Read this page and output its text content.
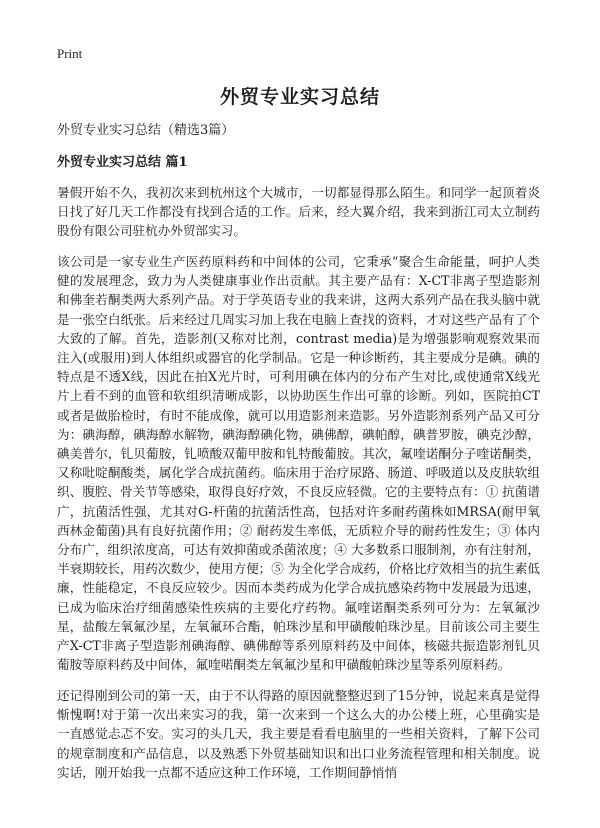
Print
外贸专业实习总结
外贸专业实习总结（精选3篇）
外贸专业实习总结 篇1

暑假开始不久，我初次来到杭州这个大城市，一切都显得那么陌生。和同学一起顶着炎日找了好几天工作都没有找到合适的工作。后来，经大翼介绍，我来到浙江司太立制药股份有限公司驻杭办外贸部实习。

该公司是一家专业生产医药原料药和中间体的公司，它秉承“聚合生命能量，呵护人类健的发展理念，致力为人类健康事业作出贡献。其主要产品有：X-CT非离子型造影剂和佛奎若酮类两大系列产品。对于学英语专业的我来讲，这两大系列产品在我头脑中就是一张空白纸张。后来经过几周实习加上我在电脑上查找的资料，才对这些产品有了个大致的了解。首先，造影剂(又称对比剂，contrast media)是为增强影响观察效果而注入(或服用)到人体组织或器官的化学制品。它是一种诊断药，其主要成分是碘。碘的特点是不透X线，因此在拍X光片时，可利用碘在体内的分布产生对比,或使通常X线光片上看不到的血管和软组织清晰成影，以协助医生作出可靠的诊断。列如，医院拍CT或者是做胎检时，有时不能成像，就可以用造影剂来造影。另外造影剂系列产品又可分为：碘海醇，碘海醇水解物，碘海醇碘化物，碘佛醇，碘帕醇，碘普罗胺，碘克沙醇，碘美普尔，钆贝葡胺，钆喷酸双葡甲胺和钆特酸葡胺。其次，氟喹诺酮分子喹诺酮类，又称吡啶酮酸类，属化学合成抗菌药。临床用于治疗尿路、肠道、呼吸道以及皮肤软组织、腹腔、骨关节等感染，取得良好疗效，不良反应轻微。它的主要特点有：① 抗菌谱广，抗菌活性强，尤其对G-杆菌的抗菌活性高，包括对许多耐药菌株如MRSA(耐甲氧西林金葡菌)具有良好抗菌作用；② 耐药发生率低，无质粒介导的耐药性发生；③ 体内分布广，组织浓度高，可达有效抑菌或杀菌浓度；④ 大多数系口服制剂，亦有注射剂，半衰期较长，用药次数少，使用方便；⑤ 为全化学合成药，价格比疗效相当的抗生素低廉，性能稳定，不良反应较少。因而本类药成为化学合成抗感染药物中发展最为迅速，已成为临床治疗细菌感染性疾病的主要化疗药物。氟喹诺酮类系列可分为：左氧氟沙星，盐酸左氧氟沙星，左氧氟环合酯，帕珠沙星和甲磺酸帕珠沙星。目前该公司主要生产X-CT非离子型造影剂碘海醇、碘佛醇等系列原料药及中间体，核磁共振造影剂钆贝葡胺等原料药及中间体，氟喹喏酮类左氧氟沙星和甲磺酸帕珠沙星等系列原料药。

还记得刚到公司的第一天，由于不认得路的原因就整整迟到了15分钟，说起来真是觉得惭愧啊!对于第一次出来实习的我，第一次来到一个这么大的办公楼上班，心里确实是一直感觉忐忑不安。实习的头几天，我主要是看看电脑里的一些相关资料，了解下公司的规章制度和产品信息，以及熟悉下外贸基础知识和出口业务流程管理和相关制度。说实话，刚开始我一点都不适应这种工作环境，工作期间静悄悄
